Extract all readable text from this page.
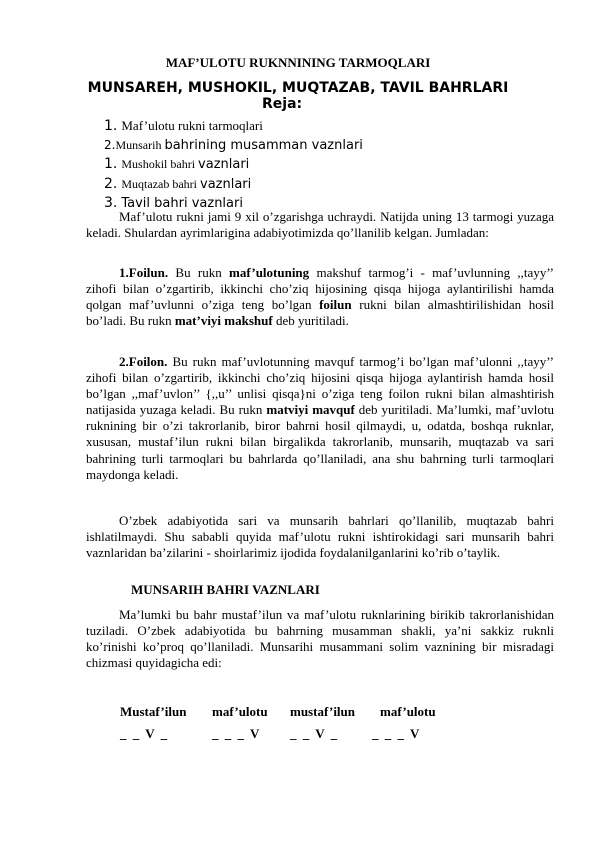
MAF’ULOTU RUKNNINING TARMOQLARI
MUNSAREH, MUSHOKIL, MUQTAZAB, TAVIL BAHRLARI
Reja:
1. Maf’ulotu rukni tarmoqlari
2.Munsarih bahrining musamman vaznlari
1. Mushokil bahri vaznlari
2. Muqtazab bahri vaznlari
3. Tavil bahri vaznlari

Maf’ulotu rukni jami 9 xil o’zgarishga uchraydi. Natijda uning 13 tarmogi yuzaga keladi. Shulardan ayrimlarigina adabiyotimizda qo’llanilib kelgan. Jumladan:

1.Foilun. Bu rukn maf’ulotuning makshuf tarmog’i - maf’uvlunning ,,tayy’’ zihofi bilan o’zgartirib, ikkinchi cho’ziq hijosining qisqa hijoga aylantirilishi hamda qolgan maf’uvlunni o’ziga teng bo’lgan foilun rukni bilan almashtirilishidan hosil bo’ladi. Bu rukn mat’viyi makshuf deb yuritiladi.

2.Foilon. Bu rukn maf’uvlotunning mavquf tarmog’i bo’lgan maf’ulonni ,,tayy’’ zihofi bilan o’zgartirib, ikkinchi cho’ziq hijosini qisqa hijoga aylantirish hamda hosil bo’lgan ,,maf’uvlon’’ {,,u’’ unlisi qisqa}ni o’ziga teng foilon rukni bilan almashtirish natijasida yuzaga keladi. Bu rukn matviyi mavquf deb yuritiladi. Ma’lumki, maf’uvlotu ruknining bir o’zi takrorlanib, biror bahrni hosil qilmaydi, u, odatda, boshqa ruknlar, xususan, mustaf’ilun rukni bilan birgalikda takrorlanib, munsarih, muqtazab va sari bahrining turli tarmoqlari bu bahrlarda qo’llaniladi, ana shu bahrning turli tarmoqlari maydonga keladi.

O’zbek adabiyotida sari va munsarih bahrlari qo’llanilib, muqtazab bahri ishlatilmaydi. Shu sababli quyida maf’ulotu rukni ishtirokidagi sari munsarih bahri vaznlaridan ba’zilarini - shoirlarimiz ijodida foydalanilganlarini ko’rib o’taylik.

MUNSARIH BAHRI VAZNLARI

Ma’lumki bu bahr mustaf’ilun va maf’ulotu ruknlarining birikib takrorlanishidan tuziladi. O’zbek adabiyotida bu bahrning musamman shakli, ya’ni sakkiz ruknli ko’rinishi ko’proq qo’llaniladi. Munsarihi musammani solim vaznining bir misradagi chizmasi quyidagicha edi:

Mustaf’ilun maf’ulotu mustaf’ilun maf’ulotu
_ _ V _	_ _ _ V _ _ V _	_ _ _ V
